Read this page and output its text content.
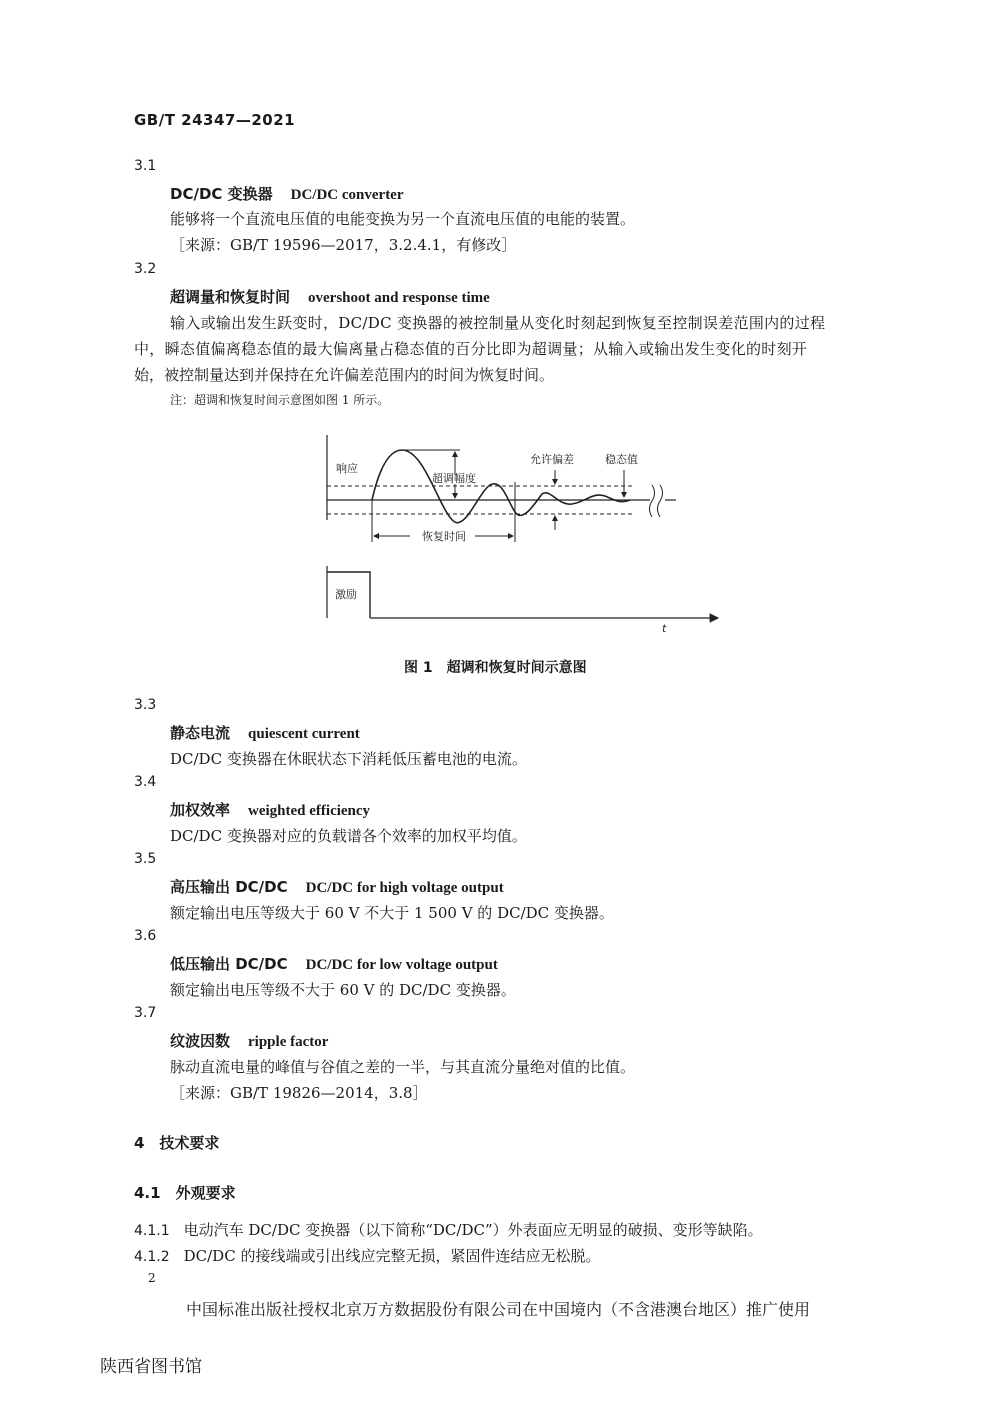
GB/T 24347—2021
3.1
DC/DC 变换器 DC/DC converter
能够将一个直流电压值的电能变换为另一个直流电压值的电能的装置。
［来源：GB/T 19596—2017，3.2.4.1，有修改］
3.2
超调量和恢复时间 overshoot and response time
输入或输出发生跃变时，DC/DC 变换器的被控制量从变化时刻起到恢复至控制误差范围内的过程
中，瞬态值偏离稳态值的最大偏离量占稳态值的百分比即为超调量；从输入或输出发生变化的时刻开
始，被控制量达到并保持在允许偏差范围内的时间为恢复时间。
注：超调和恢复时间示意图如图 1 所示。
响应
超调幅度
允许偏差	稳态值
恢复时间
激励
t
图 1　超调和恢复时间示意图
3.3
静态电流 quiescent current
DC/DC 变换器在休眠状态下消耗低压蓄电池的电流。
3.4
加权效率 weighted efficiency
DC/DC 变换器对应的负载谱各个效率的加权平均值。
3.5
高压输出 DC/DC DC/DC for high voltage output
额定输出电压等级大于 60 V 不大于 1 500 V 的 DC/DC 变换器。
3.6
低压输出 DC/DC DC/DC for low voltage output
额定输出电压等级不大于 60 V 的 DC/DC 变换器。
3.7
纹波因数 ripple factor
脉动直流电量的峰值与谷值之差的一半，与其直流分量绝对值的比值。
［来源：GB/T 19826—2014，3.8］
4　技术要求
4.1　外观要求
4.1.1 电动汽车 DC/DC 变换器（以下简称“DC/DC”）外表面应无明显的破损、变形等缺陷。
4.1.2 DC/DC 的接线端或引出线应完整无损，紧固件连结应无松脱。
2
中国标准出版社授权北京万方数据股份有限公司在中国境内（不含港澳台地区）推广使用
陕西省图书馆
